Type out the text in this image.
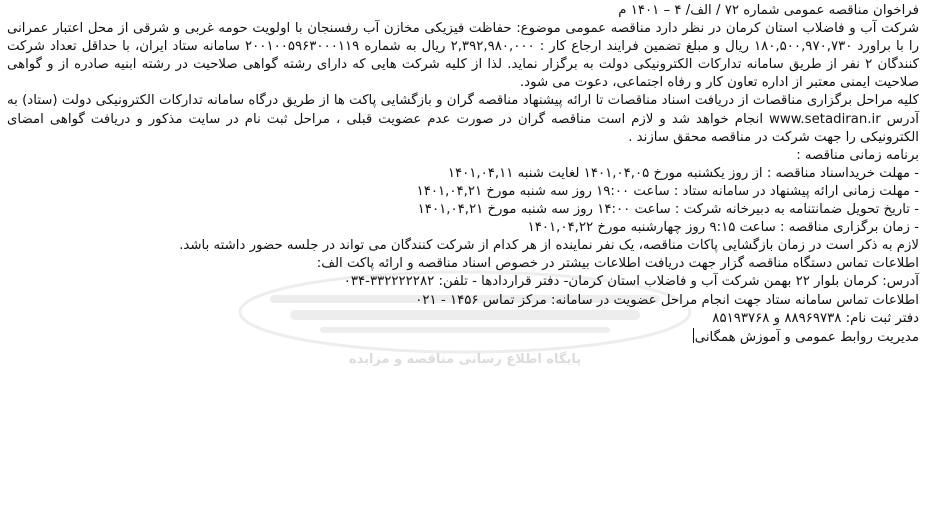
پایگاه اطلاع رسانی مناقصه و مزایده
فراخوان مناقصه عمومی شماره ۷۲ / الف/ ۴ – ۱۴۰۱ م
شرکت آب و فاضلاب استان کرمان در نظر دارد مناقصه عمومی موضوع: حفاظت فیزیکی مخازن آب رفسنجان با اولویت حومه غربی و شرقی از محل اعتبار عمرانی را با براورد ۱۸۰,۵۰۰,۹۷۰,۷۳۰ ریال و مبلغ تضمین فرایند ارجاع کار : ۲,۳۹۲,۹۸۰,۰۰۰ ریال به شماره ۲۰۰۱۰۰۵۹۶۳۰۰۰۱۱۹ سامانه ستاد ایران، با حداقل تعداد شرکت کنندگان ۲ نفر از طریق سامانه تدارکات الکترونیکی دولت به برگزار نماید. لذا از کلیه شرکت هایی که دارای رشته گواهی صلاحیت در رشته ابنیه صادره از و گواهی صلاحیت ایمنی معتبر از اداره تعاون کار و رفاه اجتماعی، دعوت می شود.
کلیه مراحل برگزاری مناقصات از دریافت اسناد مناقصات تا ارائه پیشنهاد مناقصه گران و بازگشایی پاکت ها از طریق درگاه سامانه تدارکات الکترونیکی دولت (ستاد) به آدرس www.setadiran.ir انجام خواهد شد و لازم است مناقصه گران در صورت عدم عضویت قبلی ، مراحل ثبت نام در سایت مذکور و دریافت گواهی امضای الکترونیکی را جهت شرکت در مناقصه محقق سازند .
برنامه زمانی مناقصه :
- مهلت خریداسناد مناقصه : از روز یکشنبه مورخ ۱۴۰۱,۰۴,۰۵ لغایت شنبه ۱۴۰۱,۰۴,۱۱
- مهلت زمانی ارائه پیشنهاد در سامانه ستاد : ساعت ۱۹:۰۰ روز سه شنبه مورخ ۱۴۰۱,۰۴,۲۱
- تاریخ تحویل ضمانتنامه به دبیرخانه شرکت : ساعت ۱۴:۰۰ روز سه شنبه مورخ ۱۴۰۱,۰۴,۲۱
- زمان برگزاری مناقصه : ساعت ۹:۱۵ روز چهارشنبه مورخ ۱۴۰۱,۰۴,۲۲
لازم به ذکر است در زمان بازگشایی پاکات مناقصه، یک نفر نماینده از هر کدام از شرکت کنندگان می تواند در جلسه حضور داشته باشد.
اطلاعات تماس دستگاه مناقصه گزار جهت دریافت اطلاعات بیشتر در خصوص اسناد مناقصه و ارائه پاکت الف:
آدرس: کرمان بلوار ۲۲ بهمن شرکت آب و فاضلاب استان کرمان- دفتر قراردادها - تلفن: ۳۳۲۲۲۲۲۸۲-۰۳۴
اطلاعات تماس سامانه ستاد جهت انجام مراحل عضویت در سامانه: مرکز تماس ۱۴۵۶ - ۰۲۱
دفتر ثبت نام: ۸۸۹۶۹۷۳۸ و ۸۵۱۹۳۷۶۸
مدیریت روابط عمومی و آموزش همگانی
